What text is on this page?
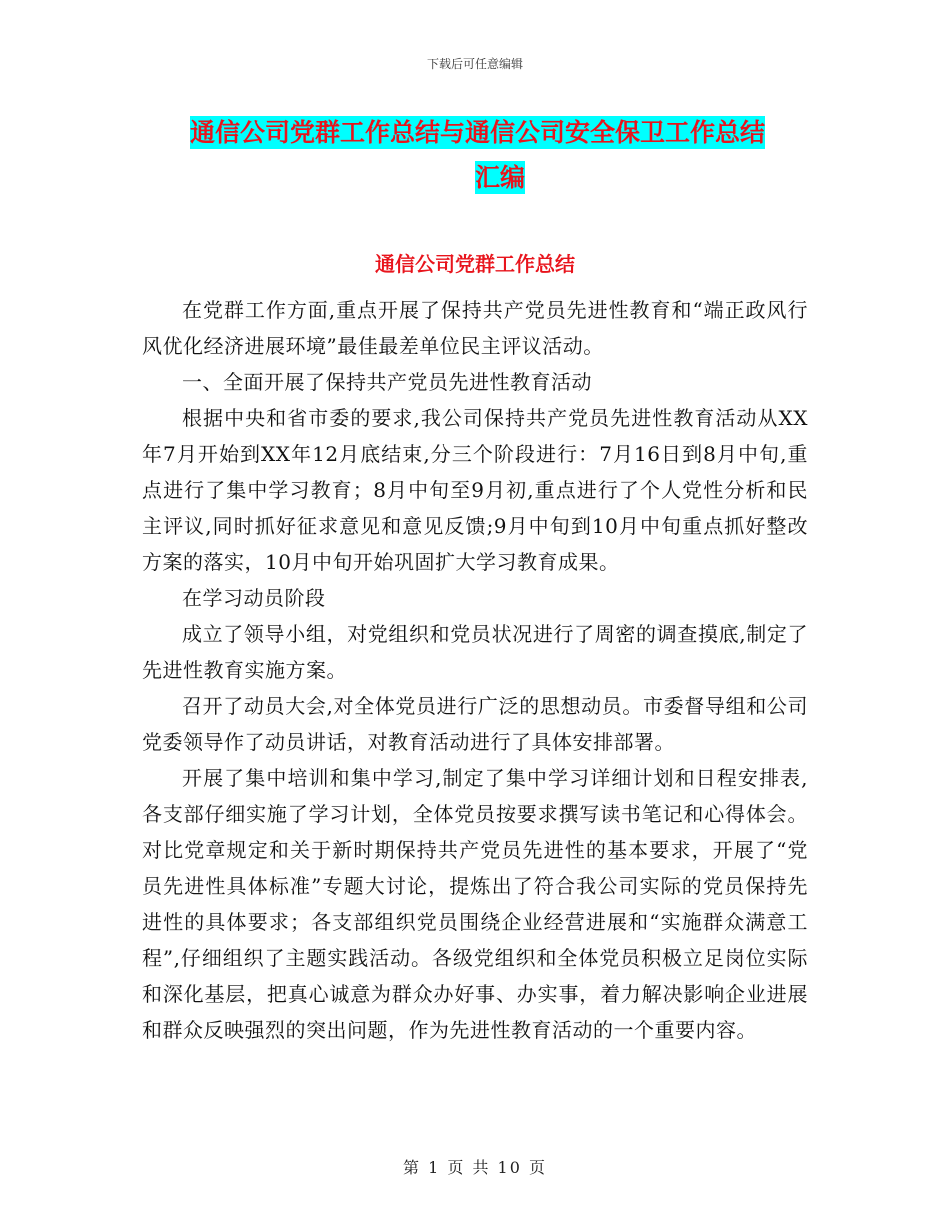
下载后可任意编辑
通信公司党群工作总结与通信公司安全保卫工作总结
汇编
通信公司党群工作总结

在党群工作方面,重点开展了保持共产党员先进性教育和“端正政风行风优化经济进展环境”最佳最差单位民主评议活动。

一、全面开展了保持共产党员先进性教育活动

根据中央和省市委的要求,我公司保持共产党员先进性教育活动从XX年7月开始到XX年12月底结束,分三个阶段进行：7月16日到8月中旬,重点进行了集中学习教育；8月中旬至9月初,重点进行了个人党性分析和民主评议,同时抓好征求意见和意见反馈;9月中旬到10月中旬重点抓好整改方案的落实，10月中旬开始巩固扩大学习教育成果。

在学习动员阶段

成立了领导小组，对党组织和党员状况进行了周密的调查摸底,制定了先进性教育实施方案。

召开了动员大会,对全体党员进行广泛的思想动员。市委督导组和公司党委领导作了动员讲话，对教育活动进行了具体安排部署。

开展了集中培训和集中学习,制定了集中学习详细计划和日程安排表,各支部仔细实施了学习计划，全体党员按要求撰写读书笔记和心得体会。对比党章规定和关于新时期保持共产党员先进性的基本要求，开展了“党员先进性具体标准”专题大讨论，提炼出了符合我公司实际的党员保持先进性的具体要求；各支部组织党员围绕企业经营进展和“实施群众满意工程”,仔细组织了主题实践活动。各级党组织和全体党员积极立足岗位实际和深化基层，把真心诚意为群众办好事、办实事，着力解决影响企业进展和群众反映强烈的突出问题，作为先进性教育活动的一个重要内容。

第 1 页 共 10 页
